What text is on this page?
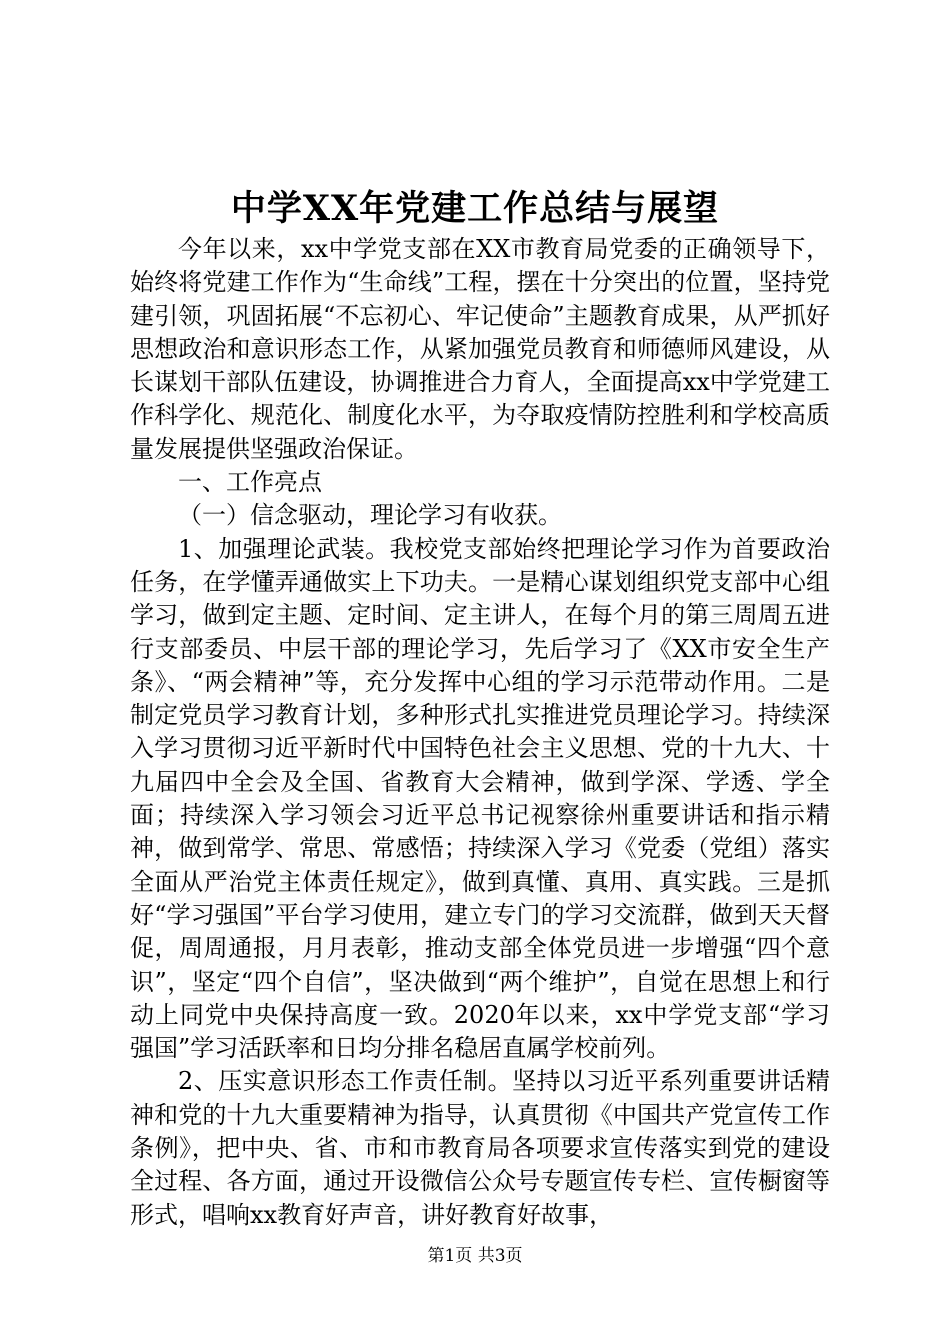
中学XX年党建工作总结与展望

今年以来，xx中学党支部在XX市教育局党委的正确领导下，始终将党建工作作为“生命线”工程，摆在十分突出的位置，坚持党建引领，巩固拓展“不忘初心、牢记使命”主题教育成果，从严抓好思想政治和意识形态工作，从紧加强党员教育和师德师风建设，从长谋划干部队伍建设，协调推进合力育人，全面提高xx中学党建工作科学化、规范化、制度化水平，为夺取疫情防控胜利和学校高质量发展提供坚强政治保证。

一、工作亮点

（一）信念驱动，理论学习有收获。

1、加强理论武装。我校党支部始终把理论学习作为首要政治任务，在学懂弄通做实上下功夫。一是精心谋划组织党支部中心组学习，做到定主题、定时间、定主讲人，在每个月的第三周周五进行支部委员、中层干部的理论学习，先后学习了《XX市安全生产条》、“两会精神”等，充分发挥中心组的学习示范带动作用。二是制定党员学习教育计划，多种形式扎实推进党员理论学习。持续深入学习贯彻习近平新时代中国特色社会主义思想、党的十九大、十九届四中全会及全国、省教育大会精神，做到学深、学透、学全面；持续深入学习领会习近平总书记视察徐州重要讲话和指示精神，做到常学、常思、常感悟；持续深入学习《党委（党组）落实全面从严治党主体责任规定》，做到真懂、真用、真实践。三是抓好“学习强国”平台学习使用，建立专门的学习交流群，做到天天督促，周周通报，月月表彰，推动支部全体党员进一步增强“四个意识”，坚定“四个自信”，坚决做到“两个维护”，自觉在思想上和行动上同党中央保持高度一致。2020年以来，xx中学党支部“学习强国”学习活跃率和日均分排名稳居直属学校前列。

2、压实意识形态工作责任制。坚持以习近平系列重要讲话精神和党的十九大重要精神为指导，认真贯彻《中国共产党宣传工作条例》，把中央、省、市和市教育局各项要求宣传落实到党的建设全过程、各方面，通过开设微信公众号专题宣传专栏、宣传橱窗等形式，唱响xx教育好声音，讲好教育好故事，

第1页 共3页
